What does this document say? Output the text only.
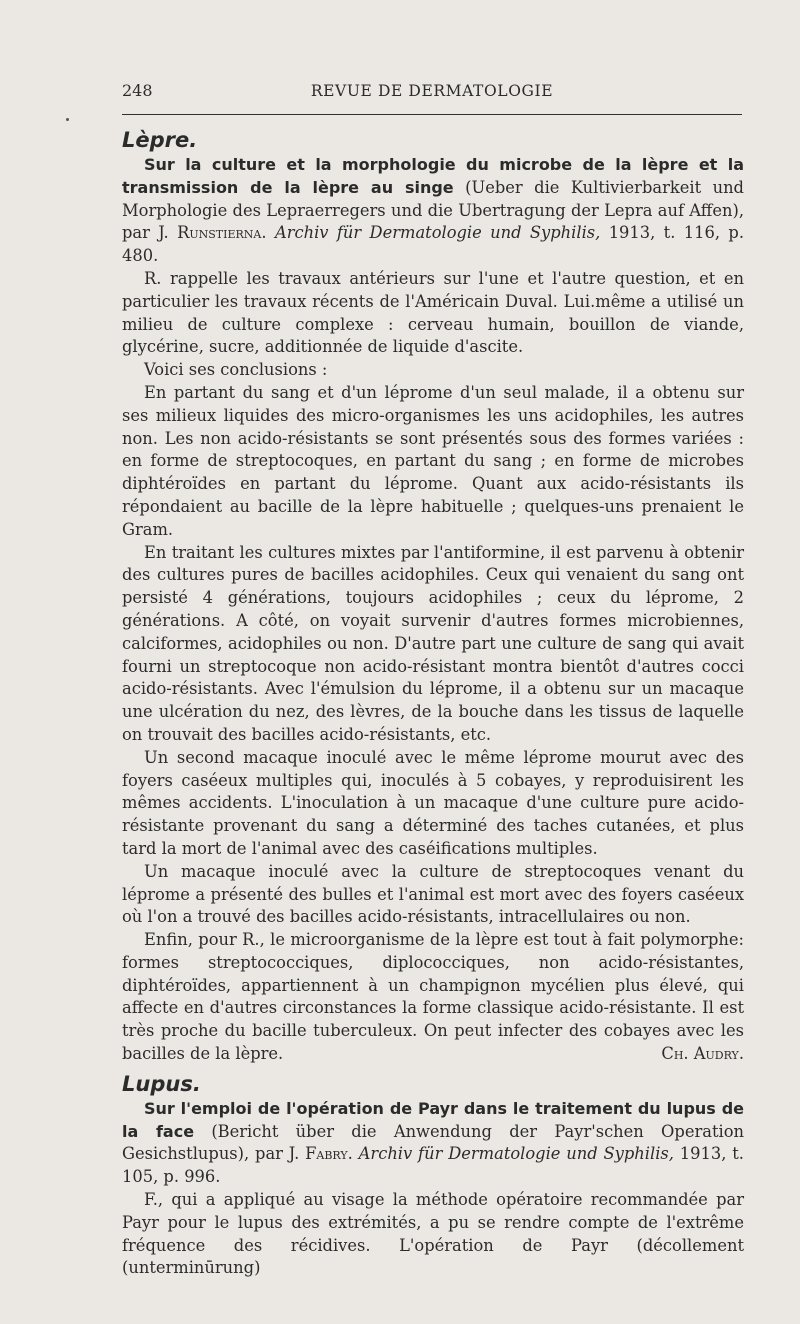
248	REVUE DE DERMATOLOGIE
Lèpre.

Sur la culture et la morphologie du microbe de la lèpre et la transmission de la lèpre au singe (Ueber die Kultivierbarkeit und Morphologie des Lepraerregers und die Ubertragung der Lepra auf Affen), par J. Runstierna. Archiv für Dermatologie und Syphilis, 1913, t. 116, p. 480.

R. rappelle les travaux antérieurs sur l'une et l'autre question, et en particulier les travaux récents de l'Américain Duval. Lui.même a utilisé un milieu de culture complexe : cerveau humain, bouillon de viande, glycérine, sucre, additionnée de liquide d'ascite.

Voici ses conclusions :

En partant du sang et d'un léprome d'un seul malade, il a obtenu sur ses milieux liquides des micro-organismes les uns acidophiles, les autres non. Les non acido-résistants se sont présentés sous des formes variées : en forme de streptocoques, en partant du sang ; en forme de microbes diphtéroïdes en partant du léprome. Quant aux acido-résistants ils répondaient au bacille de la lèpre habituelle ; quelques-uns prenaient le Gram.

En traitant les cultures mixtes par l'antiformine, il est parvenu à obtenir des cultures pures de bacilles acidophiles. Ceux qui venaient du sang ont persisté 4 générations, toujours acidophiles ; ceux du léprome, 2 générations. A côté, on voyait survenir d'autres formes microbiennes, calciformes, acidophiles ou non. D'autre part une culture de sang qui avait fourni un streptocoque non acido-résistant montra bientôt d'autres cocci acido-résistants. Avec l'émulsion du léprome, il a obtenu sur un macaque une ulcération du nez, des lèvres, de la bouche dans les tissus de laquelle on trouvait des bacilles acido-résistants, etc.

Un second macaque inoculé avec le même léprome mourut avec des foyers caséeux multiples qui, inoculés à 5 cobayes, y reproduisirent les mêmes accidents. L'inoculation à un macaque d'une culture pure acido-résistante provenant du sang a déterminé des taches cutanées, et plus tard la mort de l'animal avec des caséifications multiples.

Un macaque inoculé avec la culture de streptocoques venant du léprome a présenté des bulles et l'animal est mort avec des foyers caséeux où l'on a trouvé des bacilles acido-résistants, intracellulaires ou non.

Enfin, pour R., le microorganisme de la lèpre est tout à fait polymorphe: formes streptococciques, diplococciques, non acido-résistantes, diphtéroïdes, appartiennent à un champignon mycélien plus élevé, qui affecte en d'autres circonstances la forme classique acido-résistante. Il est très proche du bacille tuberculeux. On peut infecter des cobayes avec les bacilles de la lèpre.	Ch. Audry.

Lupus.

Sur l'emploi de l'opération de Payr dans le traitement du lupus de la face (Bericht über die Anwendung der Payr'schen Operation Gesichstlupus), par J. Fabry. Archiv für Dermatologie und Syphilis, 1913, t. 105, p. 996.

F., qui a appliqué au visage la méthode opératoire recommandée par Payr pour le lupus des extrémités, a pu se rendre compte de l'extrême fréquence des récidives. L'opération de Payr (décollement (unterminūrung)
